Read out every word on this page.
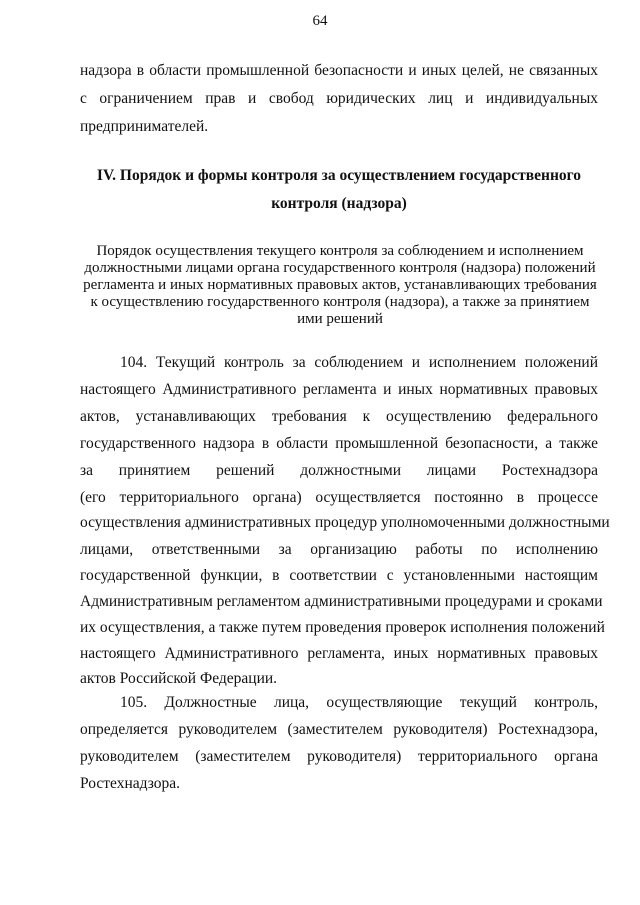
64
надзора в области промышленной безопасности и иных целей, не связанных
с ограничением прав и свобод юридических лиц и индивидуальных
предпринимателей.
IV. Порядок и формы контроля за осуществлением государственного
контроля (надзора)
Порядок осуществления текущего контроля за соблюдением и исполнением
должностными лицами органа государственного контроля (надзора) положений
регламента и иных нормативных правовых актов, устанавливающих требования
к осуществлению государственного контроля (надзора), а также за принятием
ими решений
104. Текущий контроль за соблюдением и исполнением положений
настоящего Административного регламента и иных нормативных правовых
актов, устанавливающих требования к осуществлению федерального
государственного надзора в области промышленной безопасности, а также
за принятием решений должностными лицами Ростехнадзора
(его территориального органа) осуществляется постоянно в процессе
осуществления административных процедур уполномоченными должностными
лицами, ответственными за организацию работы по исполнению
государственной функции, в соответствии с установленными настоящим
Административным регламентом административными процедурами и сроками
их осуществления, а также путем проведения проверок исполнения положений
настоящего Административного регламента, иных нормативных правовых
актов Российской Федерации.
105. Должностные лица, осуществляющие текущий контроль,
определяется руководителем (заместителем руководителя) Ростехнадзора,
руководителем (заместителем руководителя) территориального органа
Ростехнадзора.
